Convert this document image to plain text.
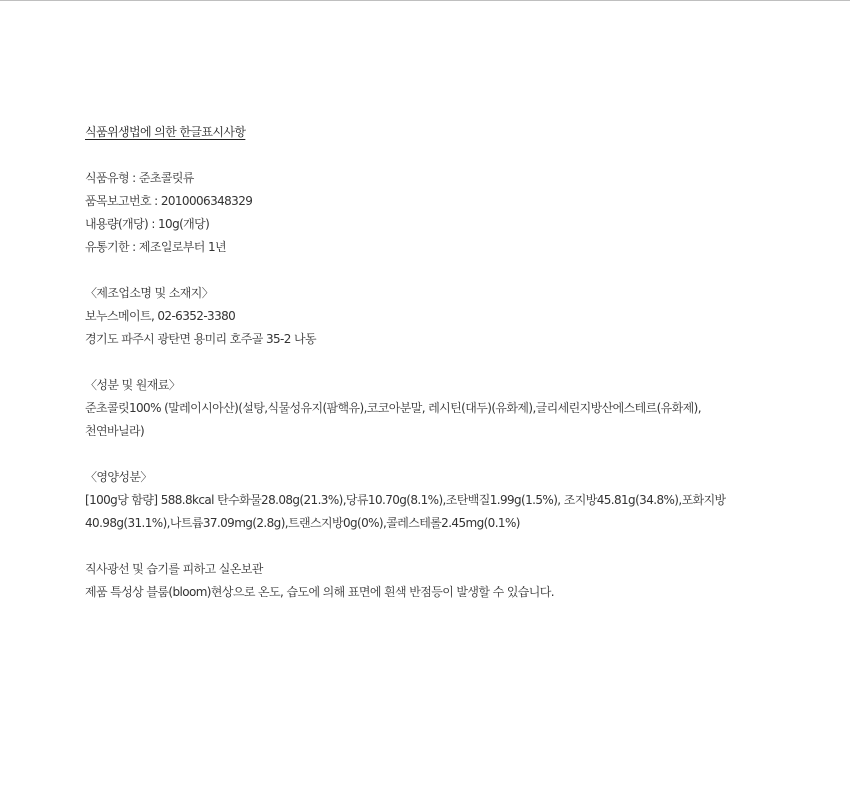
식품위생법에 의한 한글표시사항
식품유형 : 준초콜릿류
품목보고번호 : 2010006348329
내용량(개당) : 10g(개당)
유통기한 : 제조일로부터 1년
〈제조업소명 및 소재지〉
보누스메이트, 02-6352-3380
경기도 파주시 광탄면 용미리 호주골 35-2 나동
〈성분 및 원재료〉
준초콜릿100% (말레이시아산)(설탕,식물성유지(팜핵유),코코아분말, 레시틴(대두)(유화제),글리세린지방산에스테르(유화제),
천연바닐라)
〈영양성분〉
[100g당 함량] 588.8kcal 탄수화물28.08g(21.3%),당류10.70g(8.1%),조탄백질1.99g(1.5%), 조지방45.81g(34.8%),포화지방
40.98g(31.1%),나트륨37.09mg(2.8g),트랜스지방0g(0%),콜레스테롤2.45mg(0.1%)
직사광선 및 습기를 피하고 실온보관
제품 특성상 블룸(bloom)현상으로 온도, 습도에 의해 표면에 흰색 반점등이 발생할 수 있습니다.
